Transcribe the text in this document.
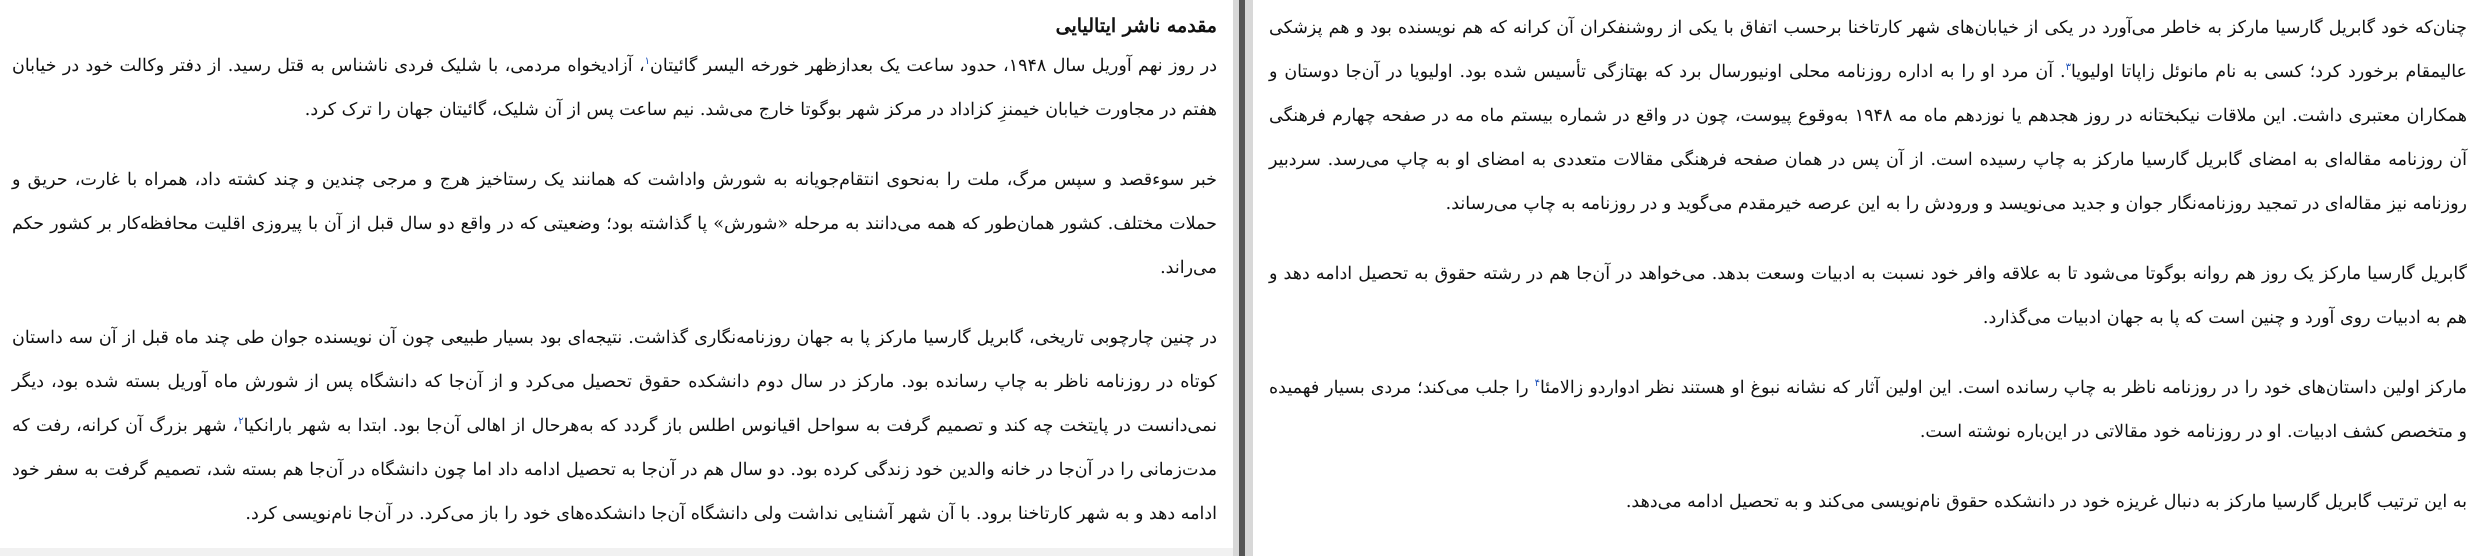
مقدمه ناشر ایتالیایی

در روز نهم آوریل سال ۱۹۴۸، حدود ساعت یک بعدازظهر خورخه الیسر گائیتان$^۱$، آزادیخواه مردمی، با شلیک فردی ناشناس به قتل رسید. از دفتر وکالت خود در خیابان هفتم در مجاورت خیابان خیمنزِ کزاداد در مرکز شهر بوگوتا خارج می‌شد. نیم ساعت پس از آن شلیک، گائیتان جهان را ترک کرد.

خبر سوءقصد و سپس مرگ، ملت را به‌نحوی انتقام‌جویانه به شورش واداشت که همانند یک رستاخیز هرج و مرجی چندین و چند کشته داد، همراه با غارت، حریق و حملات مختلف. کشور همان‌طور که همه می‌دانند به مرحله «شورش» پا گذاشته بود؛ وضعیتی که در واقع دو سال قبل از آن با پیروزی اقلیت محافظه‌کار بر کشور حکم می‌راند.

در چنین چارچوبی تاریخی، گابریل گارسیا مارکز پا به جهان روزنامه‌نگاری گذاشت. نتیجه‌ای بود بسیار طبیعی چون آن نویسنده جوان طی چند ماه قبل از آن سه داستان کوتاه در روزنامه ناظر به چاپ رسانده بود. مارکز در سال دوم دانشکده حقوق تحصیل می‌کرد و از آن‌جا که دانشگاه پس از شورش ماه آوریل بسته شده بود، دیگر نمی‌دانست در پایتخت چه کند و تصمیم گرفت به سواحل اقیانوس اطلس باز گردد که به‌هرحال از اهالی آن‌جا بود. ابتدا به شهر بارانکیا$^۲$، شهر بزرگ آن کرانه، رفت که مدت‌زمانی را در آن‌جا در خانه والدین خود زندگی کرده بود. دو سال هم در آن‌جا به تحصیل ادامه داد اما چون دانشگاه در آن‌جا هم بسته شد، تصمیم گرفت به سفر خود ادامه دهد و به شهر کارتاخنا برود. با آن شهر آشنایی نداشت ولی دانشگاه آن‌جا دانشکده‌های خود را باز می‌کرد. در آن‌جا نام‌نویسی کرد.

چنان‌که خود گابریل گارسیا مارکز به خاطر می‌آورد در یکی از خیابان‌های شهر کارتاخنا برحسب اتفاق با یکی از روشنفکران آن کرانه که هم نویسنده بود و هم پزشکی عالیمقام برخورد کرد؛ کسی به نام مانوئل زاپاتا اولیویا$^۳$. آن مرد او را به اداره روزنامه محلی اونیورسال برد که بهتازگی تأسیس شده بود. اولیویا در آن‌جا دوستان و همکاران معتبری داشت. این ملاقات نیکبختانه در روز هجدهم یا نوزدهم ماه مه ۱۹۴۸ به‌وقوع پیوست، چون در واقع در شماره بیستم ماه مه در صفحه چهارم فرهنگی آن روزنامه مقاله‌ای به امضای گابریل گارسیا مارکز به چاپ رسیده است. از آن پس در همان صفحه فرهنگی مقالات متعددی به امضای او به چاپ می‌رسد. سردبیر روزنامه نیز مقاله‌ای در تمجید روزنامه‌نگار جوان و جدید می‌نویسد و ورودش را به این عرصه خیرمقدم می‌گوید و در روزنامه به چاپ می‌رساند.

گابریل گارسیا مارکز یک روز هم روانه بوگوتا می‌شود تا به علاقه وافر خود نسبت به ادبیات وسعت بدهد. می‌خواهد در آن‌جا هم در رشته حقوق به تحصیل ادامه دهد و هم به ادبیات روی آورد و چنین است که پا به جهان ادبیات می‌گذارد.

مارکز اولین داستان‌های خود را در روزنامه ناظر به چاپ رسانده است. این اولین آثار که نشانه نبوغ او هستند نظر ادواردو زالامئا$^۴$ را جلب می‌کند؛ مردی بسیار فهمیده و متخصص کشف ادبیات. او در روزنامه خود مقالاتی در این‌باره نوشته است.

به این ترتیب گابریل گارسیا مارکز به دنبال غریزه خود در دانشکده حقوق نام‌نویسی می‌کند و به تحصیل ادامه می‌دهد.
